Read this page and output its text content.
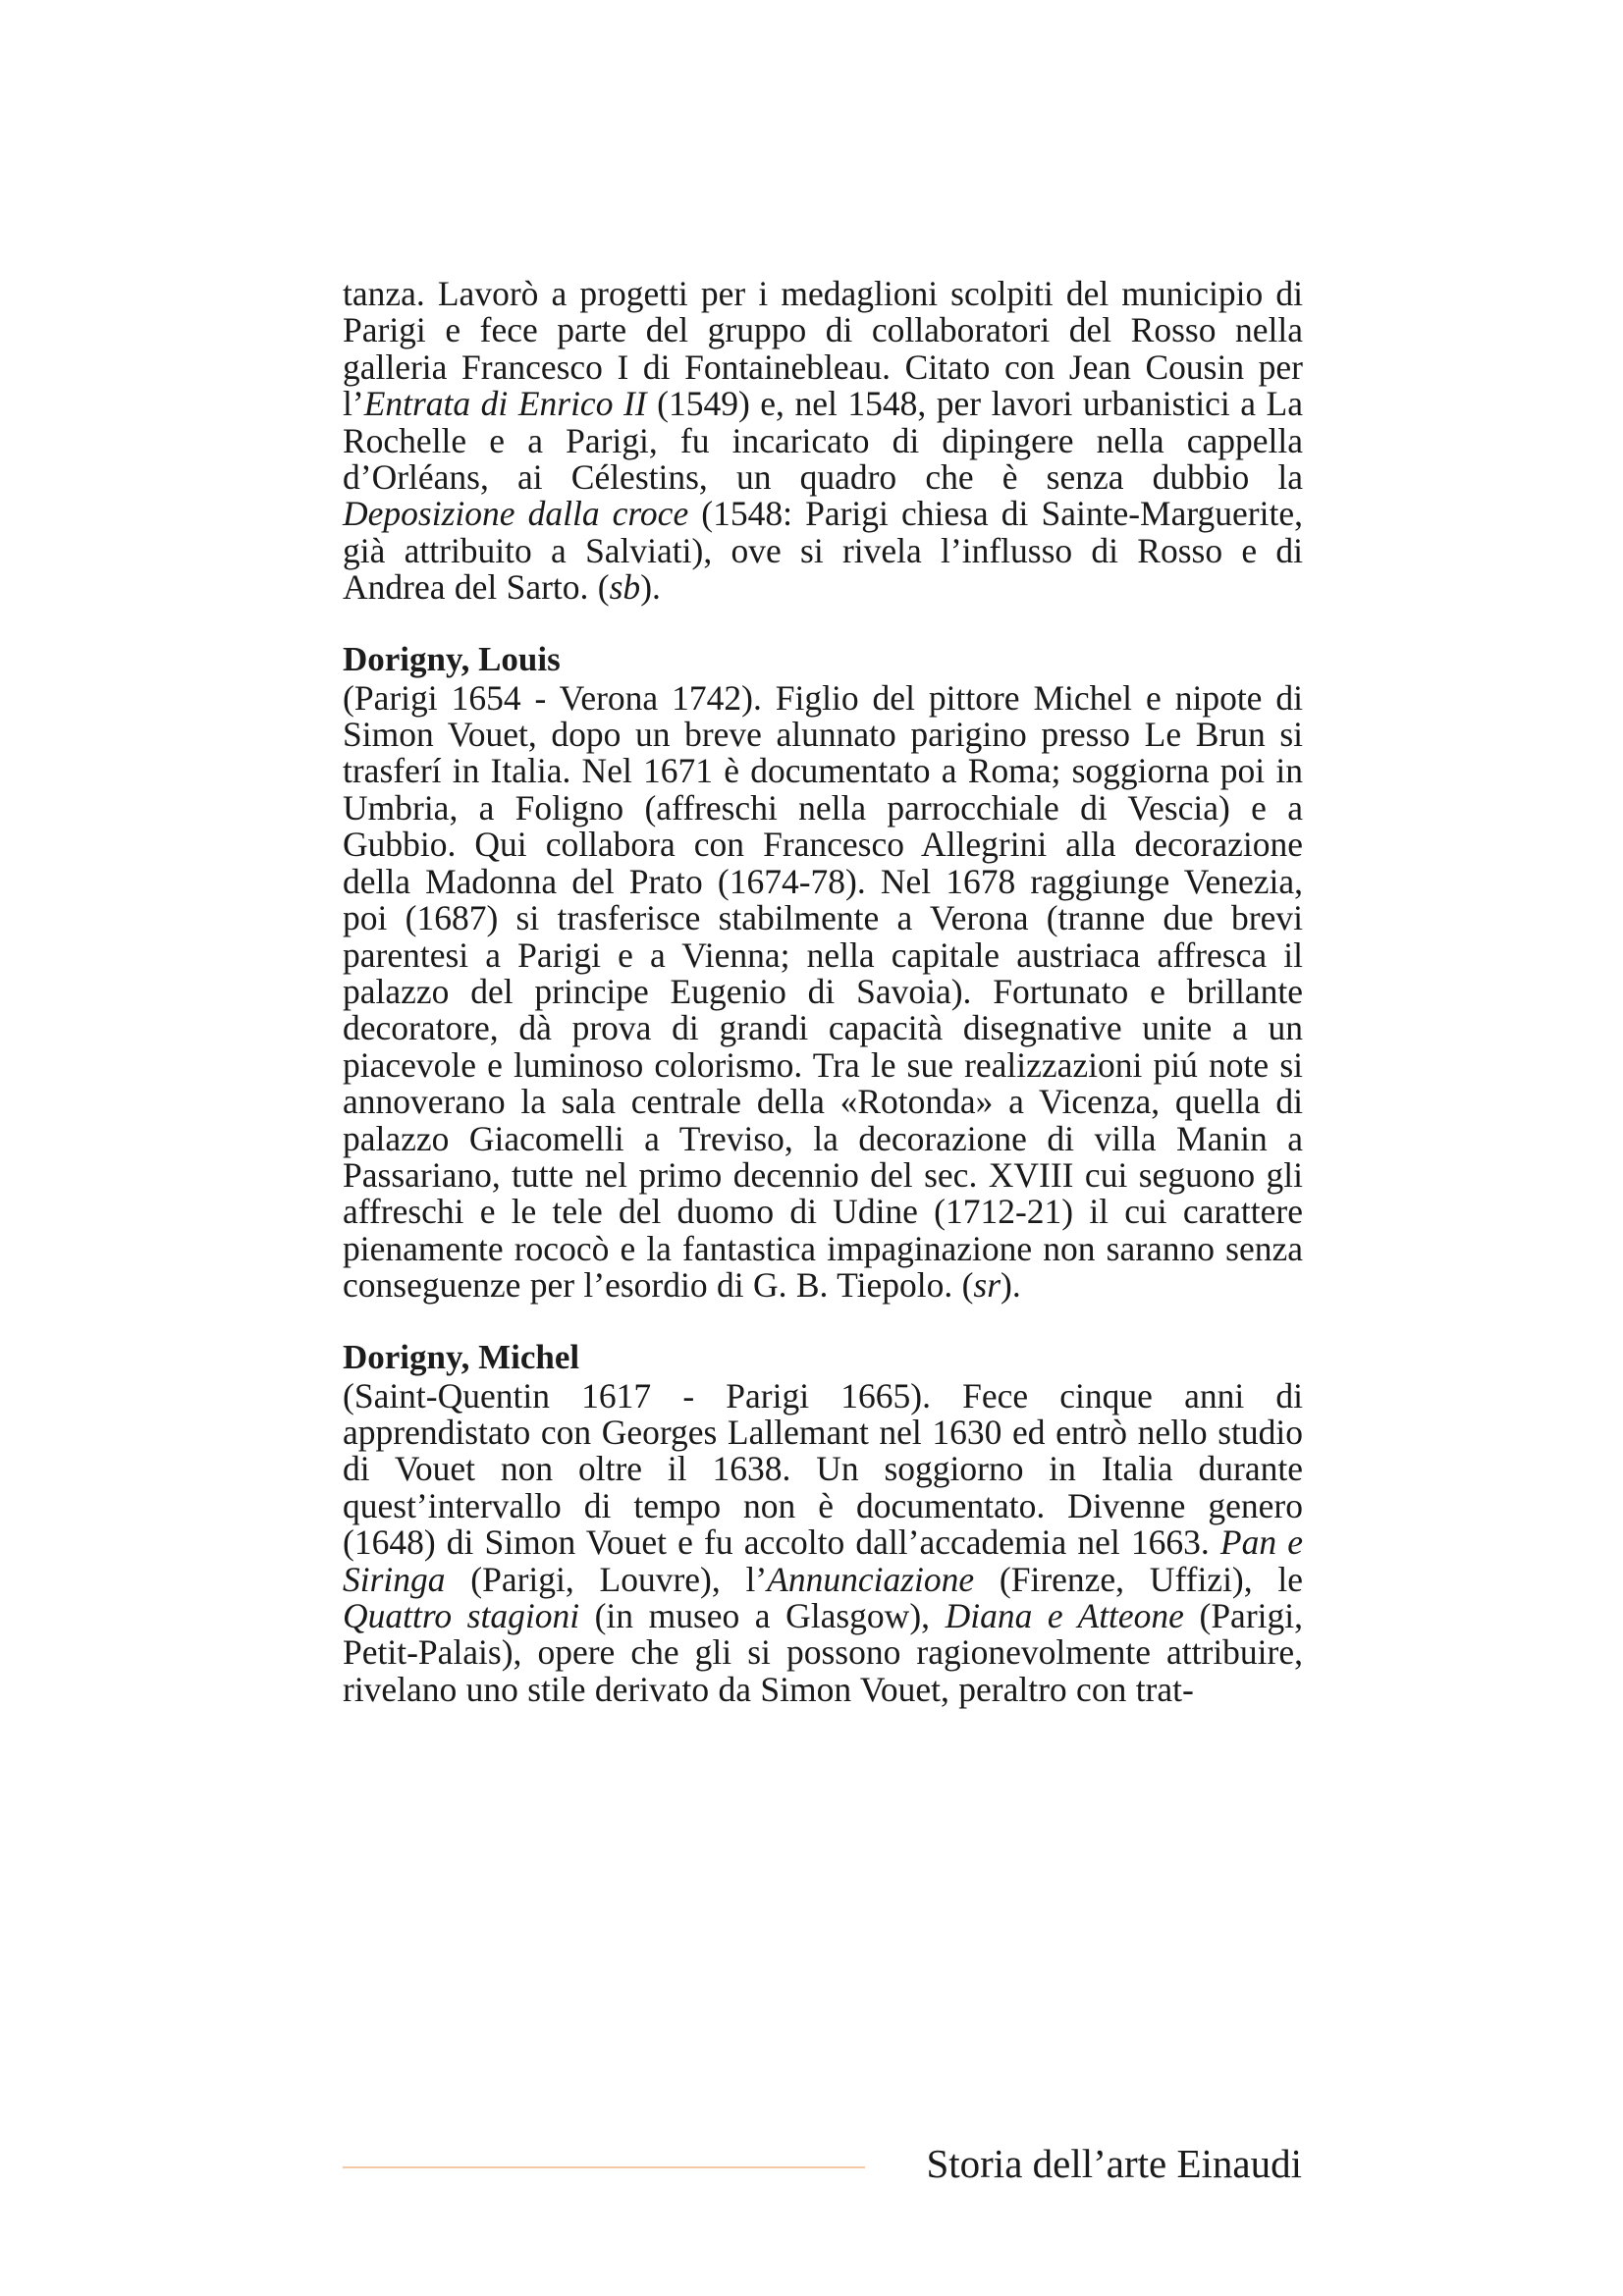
tanza. Lavorò a progetti per i medaglioni scolpiti del municipio di Parigi e fece parte del gruppo di collaboratori del Rosso nella galleria Francesco I di Fontainebleau. Citato con Jean Cousin per l’Entrata di Enrico II (1549) e, nel 1548, per lavori urbanistici a La Rochelle e a Parigi, fu incaricato di dipingere nella cappella d’Orléans, ai Célestins, un quadro che è senza dubbio la Deposizione dalla croce (1548: Parigi chiesa di Sainte-Marguerite, già attribuito a Salviati), ove si rivela l’influsso di Rosso e di Andrea del Sarto. (sb).

Dorigny, Louis

(Parigi 1654 - Verona 1742). Figlio del pittore Michel e nipote di Simon Vouet, dopo un breve alunnato parigino presso Le Brun si trasferí in Italia. Nel 1671 è documentato a Roma; soggiorna poi in Umbria, a Foligno (affreschi nella parrocchiale di Vescia) e a Gubbio. Qui collabora con Francesco Allegrini alla decorazione della Madonna del Prato (1674-78). Nel 1678 raggiunge Venezia, poi (1687) si trasferisce stabilmente a Verona (tranne due brevi parentesi a Parigi e a Vienna; nella capitale austriaca affresca il palazzo del principe Eugenio di Savoia). Fortunato e brillante decoratore, dà prova di grandi capacità disegnative unite a un piacevole e luminoso colorismo. Tra le sue realizzazioni piú note si annoverano la sala centrale della «Rotonda» a Vicenza, quella di palazzo Giacomelli a Treviso, la decorazione di villa Manin a Passariano, tutte nel primo decennio del sec. XVIII cui seguono gli affreschi e le tele del duomo di Udine (1712-21) il cui carattere pienamente rococò e la fantastica impaginazione non saranno senza conseguenze per l’esordio di G. B. Tiepolo. (sr).

Dorigny, Michel

(Saint-Quentin 1617 - Parigi 1665). Fece cinque anni di apprendistato con Georges Lallemant nel 1630 ed entrò nello studio di Vouet non oltre il 1638. Un soggiorno in Italia durante quest’intervallo di tempo non è documentato. Divenne genero (1648) di Simon Vouet e fu accolto dall’accademia nel 1663. Pan e Siringa (Parigi, Louvre), l’Annunciazione (Firenze, Uffizi), le Quattro stagioni (in museo a Glasgow), Diana e Atteone (Parigi, Petit-Palais), opere che gli si possono ragionevolmente attribuire, rivelano uno stile derivato da Simon Vouet, peraltro con trat-

Storia dell’arte Einaudi
